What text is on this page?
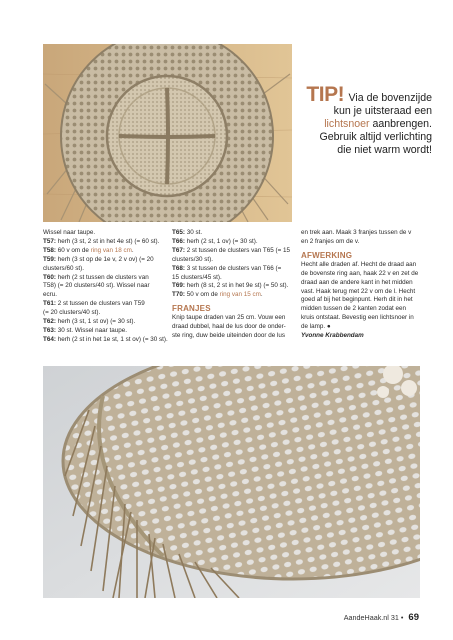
TIP! Via de bovenzijde
kun je uitsteraad een
lichtsnoer aanbrengen.
Gebruik altijd verlichting
die niet warm wordt!
Wissel naar taupe.
T57: herh (3 st, 2 st in het 4e st) (= 60 st).
T58: 60 v om de ring van 18 cm.
T59: herh (3 st op de 1e v, 2 v ov) (= 20
clusters/60 st).
T60: herh (2 st tussen de clusters van
T58) (= 20 clusters/40 st). Wissel naar
ecru.
T61: 2 st tussen de clusters van T59
(= 20 clusters/40 st).
T62: herh (3 st, 1 st ov) (= 30 st).
T63: 30 st. Wissel naar taupe.
T64: herh (2 st in het 1e st, 1 st ov) (= 30 st).
T65: 30 st.
T66: herh (2 st, 1 ov) (= 30 st).
T67: 2 st tussen de clusters van T65 (= 15
clusters/30 st).
T68: 3 st tussen de clusters van T66 (=
15 clusters/45 st).
T69: herh (8 st, 2 st in het 9e st) (= 50 st).
T70: 50 v om de ring van 15 cm.
FRANJES
Knip taupe draden van 25 cm. Vouw een
draad dubbel, haal de lus door de onder-
ste ring, duw beide uiteinden door de lus
en trek aan. Maak 3 franjes tussen de v
en 2 franjes om de v.
AFWERKING
Hecht alle draden af. Hecht de draad aan
de bovenste ring aan, haak 22 v en zet de
draad aan de andere kant in het midden
vast. Haak terug met 22 v om de l. Hecht
goed af bij het beginpunt. Herh dit in het
midden tussen de 2 kanten zodat een
kruis ontstaat. Bevestig een lichtsnoer in
de lamp. ●
Yvonne Krabbendam
AandeHaak.nl 31 • 69
